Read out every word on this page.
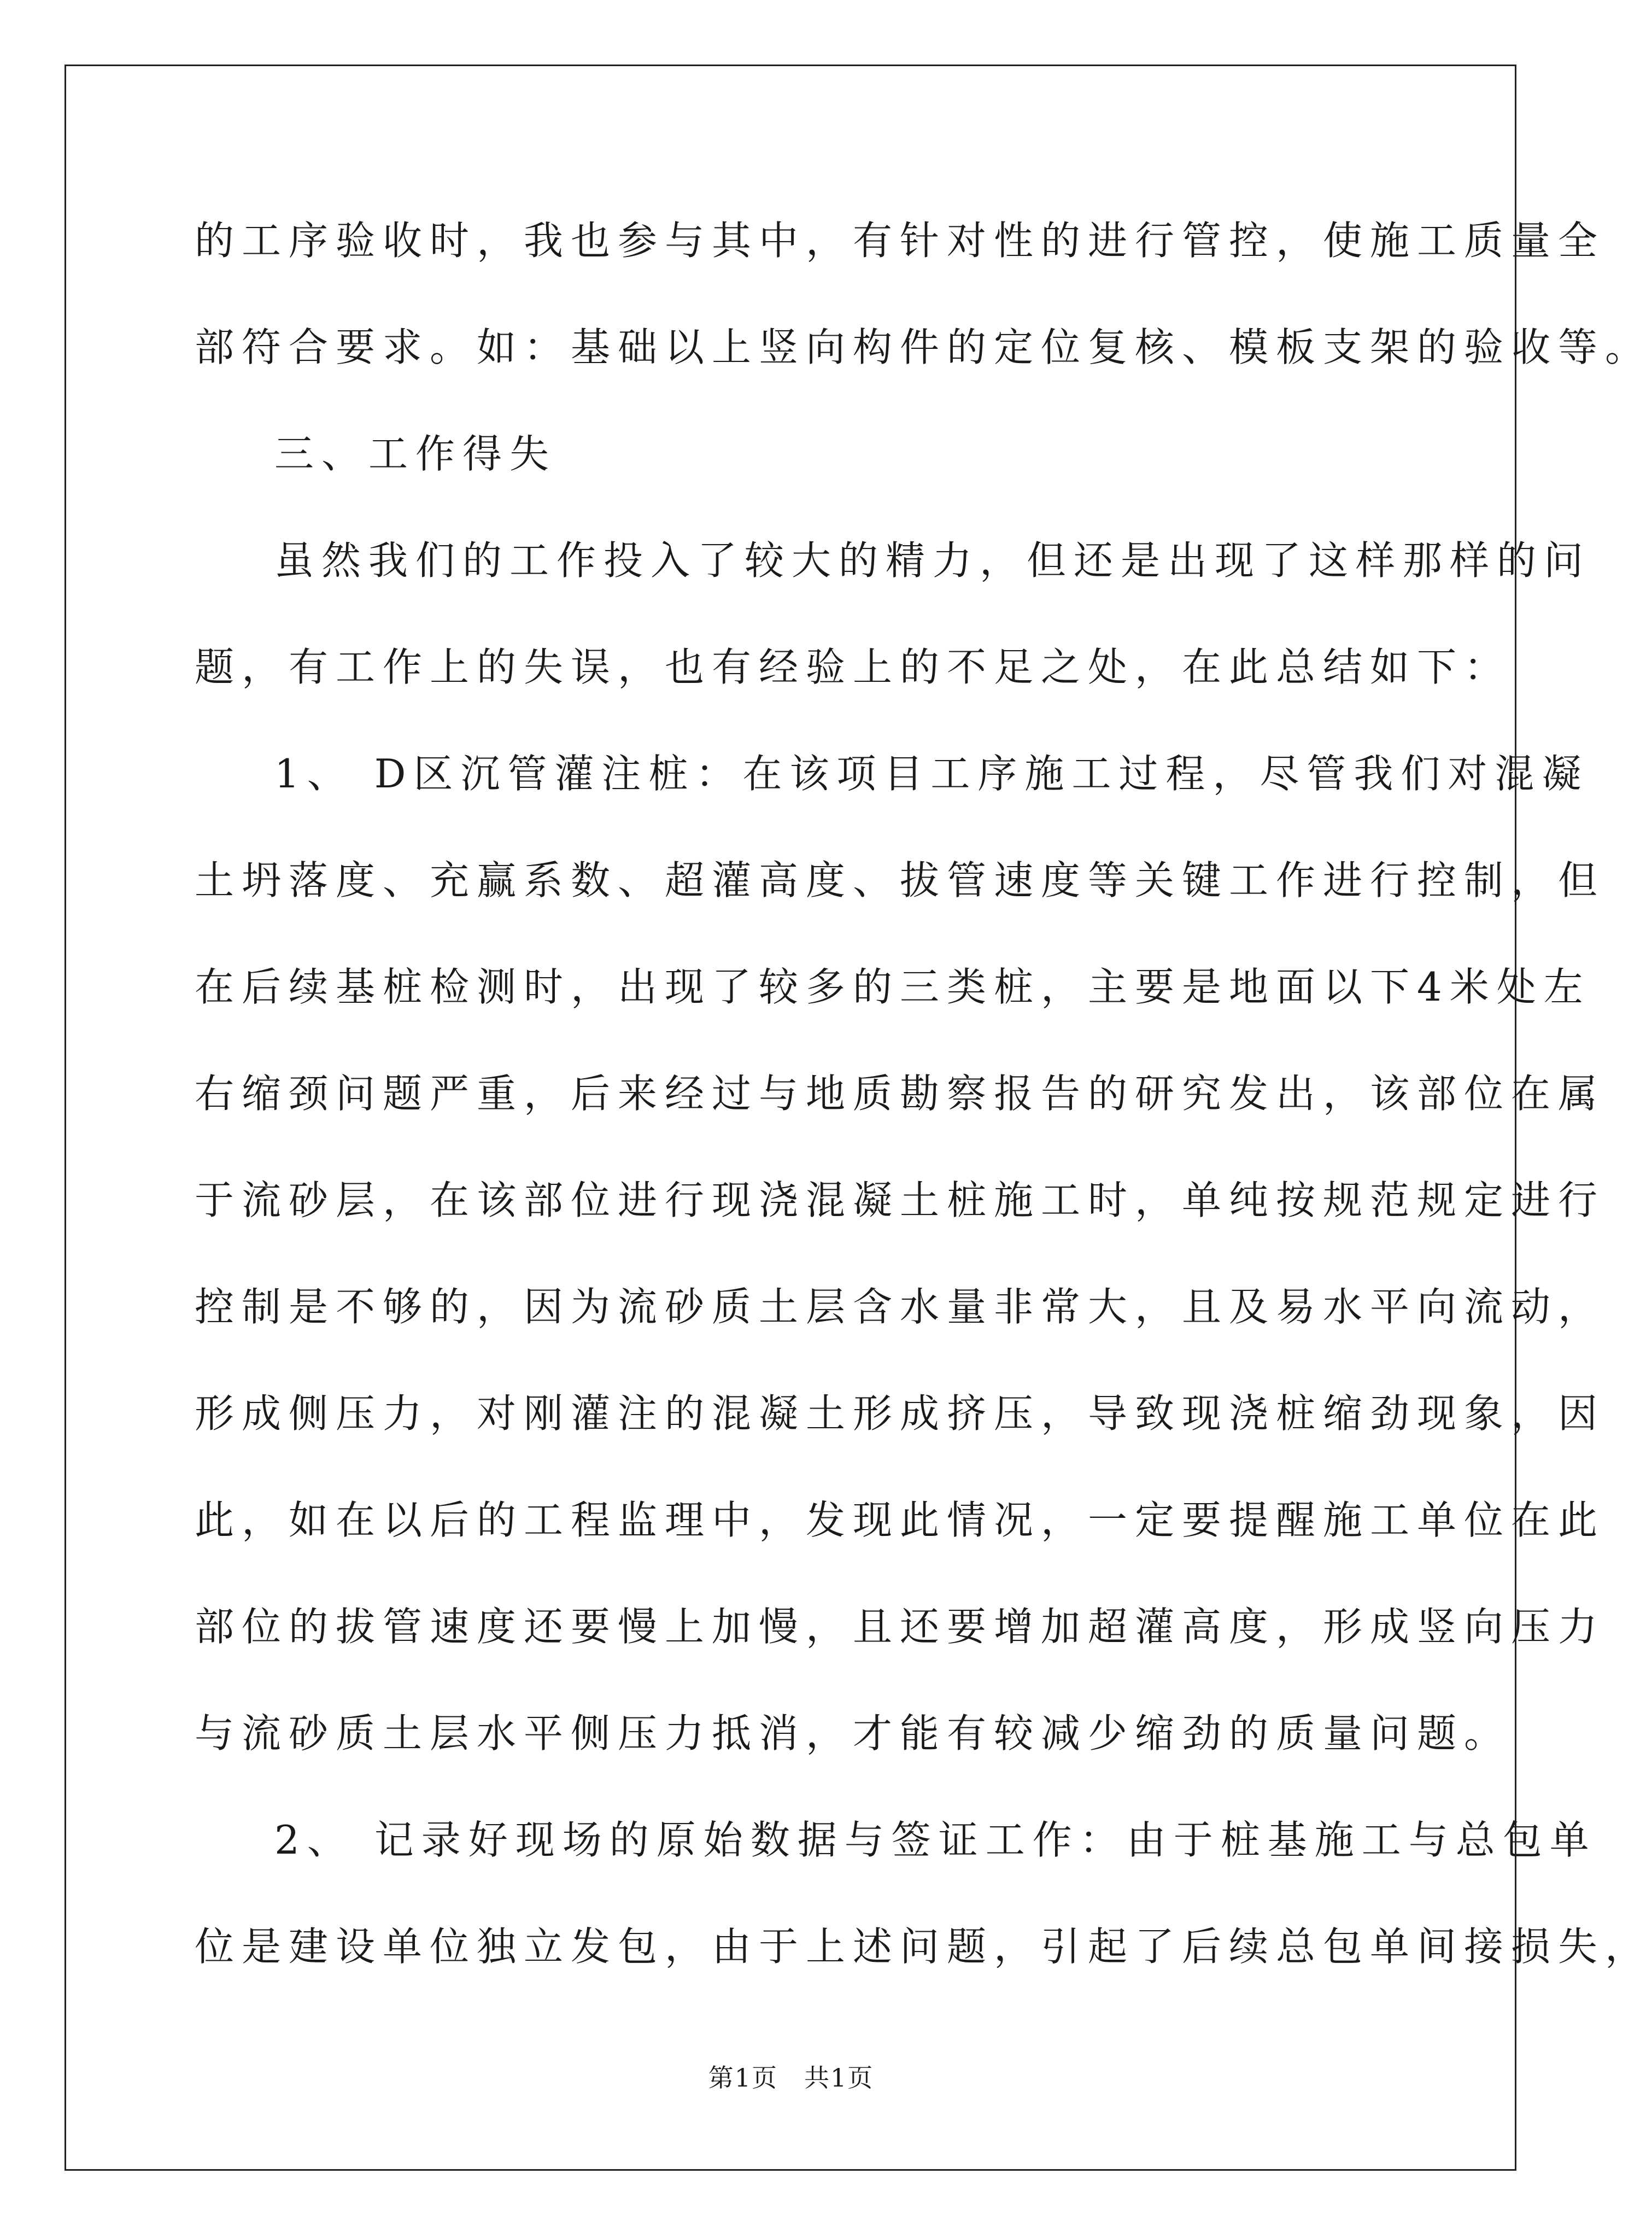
的工序验收时，我也参与其中，有针对性的进行管控，使施工质量全
部符合要求。如：基础以上竖向构件的定位复核、模板支架的验收等。
三、工作得失
虽然我们的工作投入了较大的精力，但还是出现了这样那样的问
题，有工作上的失误，也有经验上的不足之处，在此总结如下：
1、 D区沉管灌注桩：在该项目工序施工过程，尽管我们对混凝
土坍落度、充赢系数、超灌高度、拔管速度等关键工作进行控制，但
在后续基桩检测时，出现了较多的三类桩，主要是地面以下4米处左
右缩颈问题严重，后来经过与地质勘察报告的研究发出，该部位在属
于流砂层，在该部位进行现浇混凝土桩施工时，单纯按规范规定进行
控制是不够的，因为流砂质土层含水量非常大，且及易水平向流动，
形成侧压力，对刚灌注的混凝土形成挤压，导致现浇桩缩劲现象，因
此，如在以后的工程监理中，发现此情况，一定要提醒施工单位在此
部位的拔管速度还要慢上加慢，且还要增加超灌高度，形成竖向压力
与流砂质土层水平侧压力抵消，才能有较减少缩劲的质量问题。
2、 记录好现场的原始数据与签证工作：由于桩基施工与总包单
位是建设单位独立发包，由于上述问题，引起了后续总包单间接损失，
第1页　共1页
